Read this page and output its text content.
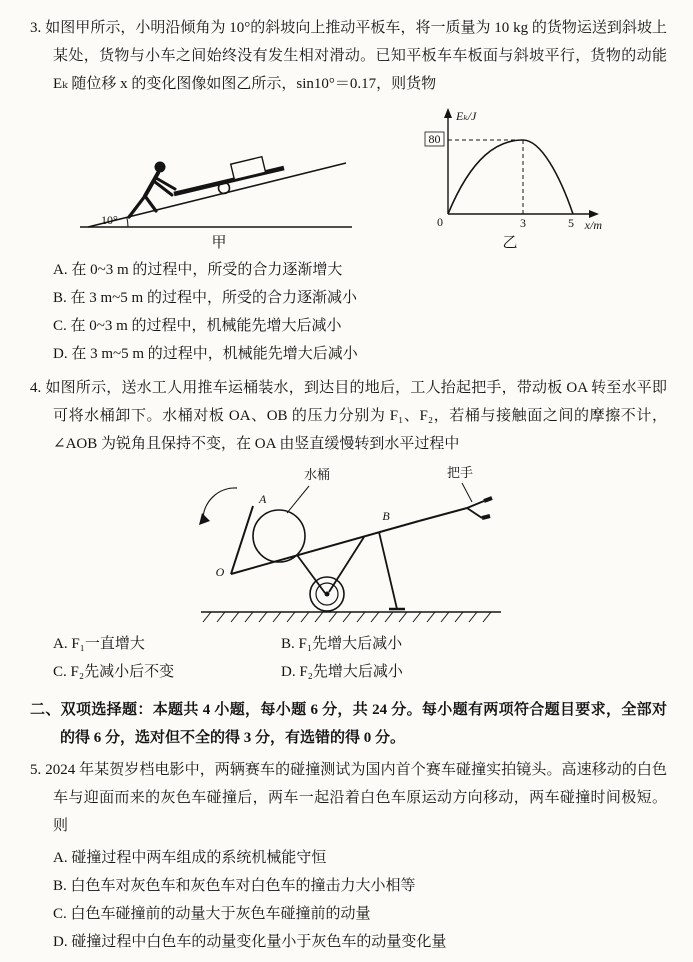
3. 如图甲所示，小明沿倾角为 10°的斜坡向上推动平板车，将一质量为 10 kg 的货物运送到斜坡上某处，货物与小车之间始终没有发生相对滑动。已知平板车车板面与斜坡平行，货物的动能 Eₖ 随位移 x 的变化图像如图乙所示，sin10°＝0.17，则货物

10°
甲
Eₖ/J
x/m
0
80
3	5
乙
A. 在 0~3 m 的过程中，所受的合力逐渐增大
B. 在 3 m~5 m 的过程中，所受的合力逐渐减小
C. 在 0~3 m 的过程中，机械能先增大后减小
D. 在 3 m~5 m 的过程中，机械能先增大后减小

4. 如图所示，送水工人用推车运桶装水，到达目的地后，工人抬起把手，带动板 OA 转至水平即可将水桶卸下。水桶对板 OA、OB 的压力分别为 F₁、F₂，若桶与接触面之间的摩擦不计，∠AOB 为锐角且保持不变，在 OA 由竖直缓慢转到水平过程中

水桶	把手
A
B
O
A. F₁一直增大	B. F₁先增大后减小
C. F₂先减小后不变	D. F₂先增大后减小

二、双项选择题：本题共 4 小题，每小题 6 分，共 24 分。每小题有两项符合题目要求，全部对的得 6 分，选对但不全的得 3 分，有选错的得 0 分。

5. 2024 年某贺岁档电影中，两辆赛车的碰撞测试为国内首个赛车碰撞实拍镜头。高速移动的白色车与迎面而来的灰色车碰撞后，两车一起沿着白色车原运动方向移动，两车碰撞时间极短。则

A. 碰撞过程中两车组成的系统机械能守恒
B. 白色车对灰色车和灰色车对白色车的撞击力大小相等
C. 白色车碰撞前的动量大于灰色车碰撞前的动量
D. 碰撞过程中白色车的动量变化量小于灰色车的动量变化量
